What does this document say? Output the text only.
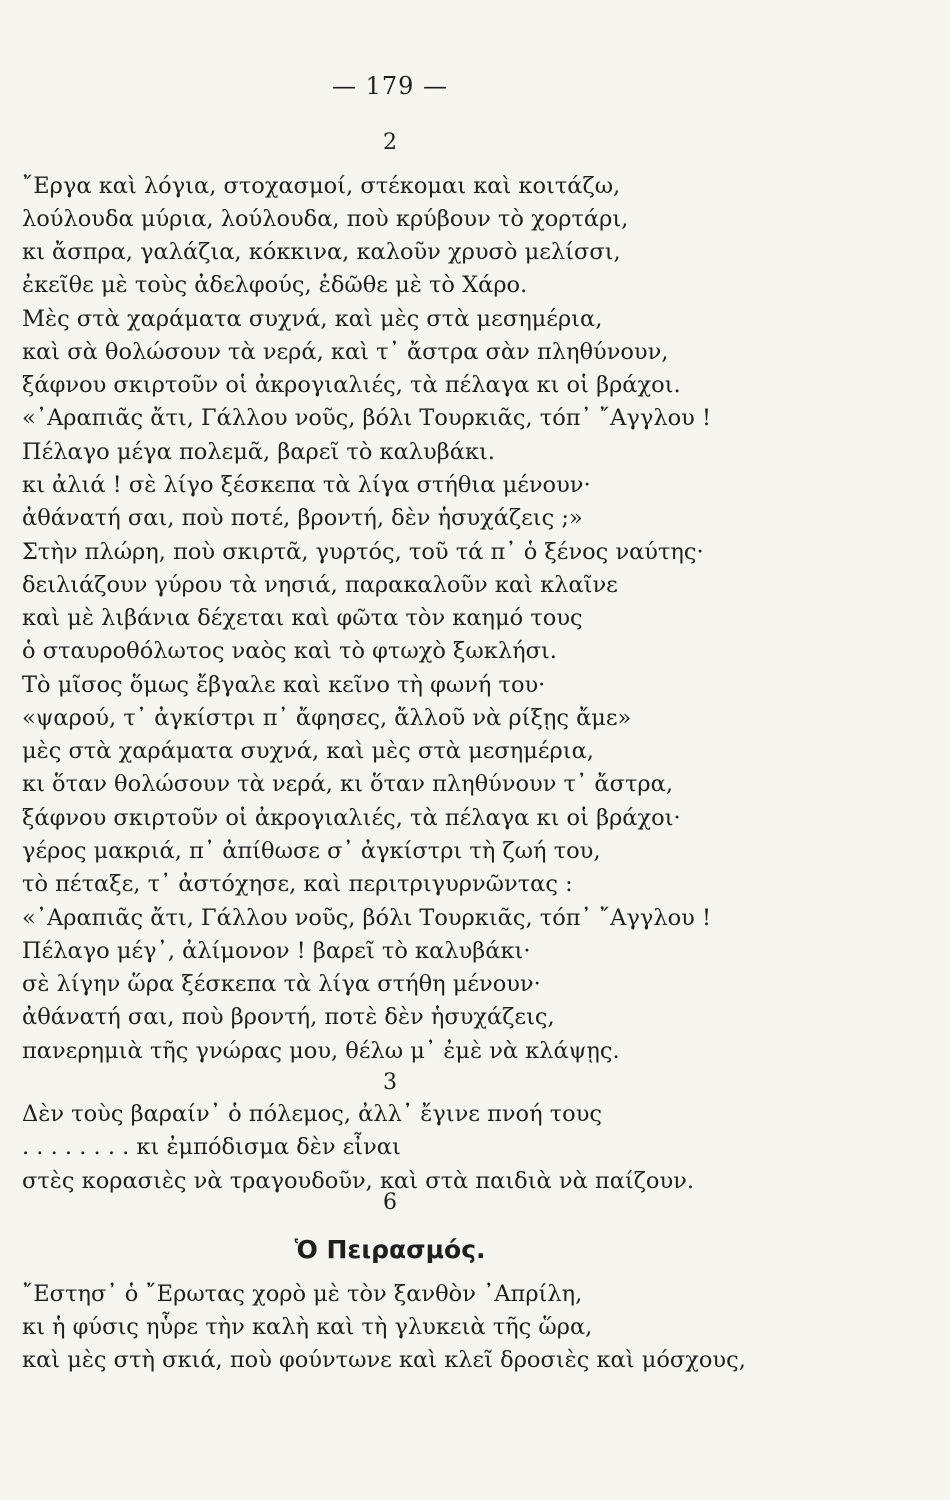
— 179 —
2
῎Εργα καὶ λόγια, στοχασμοί, στέκομαι καὶ κοιτάζω,
λούλουδα μύρια, λούλουδα, ποὺ κρύβουν τὸ χορτάρι,
κι ἄσπρα, γαλάζια, κόκκινα, καλοῦν χρυσὸ μελίσσι,
ἐκεῖθε μὲ τοὺς ἀδελφούς, ἐδῶθε μὲ τὸ Χάρο.
Μὲς στὰ χαράματα συχνά, καὶ μὲς στὰ μεσημέρια,
καὶ σὰ θολώσουν τὰ νερά, καὶ τ᾽ ἄστρα σὰν πληθύνουν,
ξάφνου σκιρτοῦν οἱ ἀκρογιαλιές, τὰ πέλαγα κι οἱ βράχοι.
«᾽Αραπιᾶς ἄτι, Γάλλου νοῦς, βόλι Τουρκιᾶς, τόπ᾽ ῎Αγγλου !
Πέλαγο μέγα πολεμᾶ, βαρεῖ τὸ καλυβάκι.
κι ἀλιά ! σὲ λίγο ξέσκεπα τὰ λίγα στήθια μένουν·
ἀθάνατή σαι, ποὺ ποτέ, βροντή, δὲν ἡσυχάζεις ;»
Στὴν πλώρη, ποὺ σκιρτᾶ, γυρτός, τοῦ τά π᾽ ὁ ξένος ναύτης·
δειλιάζουν γύρου τὰ νησιά, παρακαλοῦν καὶ κλαῖνε
καὶ μὲ λιβάνια δέχεται καὶ φῶτα τὸν καημό τους
ὁ σταυροθόλωτος ναὸς καὶ τὸ φτωχὸ ξωκλήσι.
Τὸ μῖσος ὅμως ἔβγαλε καὶ κεῖνο τὴ φωνή του·
«ψαρού, τ᾽ ἀγκίστρι π᾽ ἄφησες, ἄλλοῦ νὰ ρίξῃς ἄμε»
μὲς στὰ χαράματα συχνά, καὶ μὲς στὰ μεσημέρια,
κι ὅταν θολώσουν τὰ νερά, κι ὅταν πληθύνουν τ᾽ ἄστρα,
ξάφνου σκιρτοῦν οἱ ἀκρογιαλιές, τὰ πέλαγα κι οἱ βράχοι·
γέρος μακριά, π᾽ ἀπίθωσε σ᾽ ἀγκίστρι τὴ ζωή του,
τὸ πέταξε, τ᾽ ἀστόχησε, καὶ περιτριγυρνῶντας :
«᾽Αραπιᾶς ἄτι, Γάλλου νοῦς, βόλι Τουρκιᾶς, τόπ᾽ ῎Αγγλου !
Πέλαγο μέγ᾽, ἀλίμονον ! βαρεῖ τὸ καλυβάκι·
σὲ λίγην ὥρα ξέσκεπα τὰ λίγα στήθη μένουν·
ἀθάνατή σαι, ποὺ βροντή, ποτὲ δὲν ἡσυχάζεις,
πανερημιὰ τῆς γνώρας μου, θέλω μ᾽ ἐμὲ νὰ κλάψῃς.
3
Δὲν τοὺς βαραίν᾽ ὁ πόλεμος, ἀλλ᾽ ἔγινε πνοή τους
. . . . . . . . κι ἐμπόδισμα δὲν εἶναι
στὲς κορασιὲς νὰ τραγουδοῦν, καὶ στὰ παιδιὰ νὰ παίζουν.
6
Ὁ Πειρασμός.
῎Εστησ᾽ ὁ ῎Ερωτας χορὸ μὲ τὸν ξανθὸν ᾽Απρίλη,
κι ἡ φύσις ηὗρε τὴν καλὴ καὶ τὴ γλυκειὰ τῆς ὥρα,
καὶ μὲς στὴ σκιά, ποὺ φούντωνε καὶ κλεῖ δροσιὲς καὶ μόσχους,
